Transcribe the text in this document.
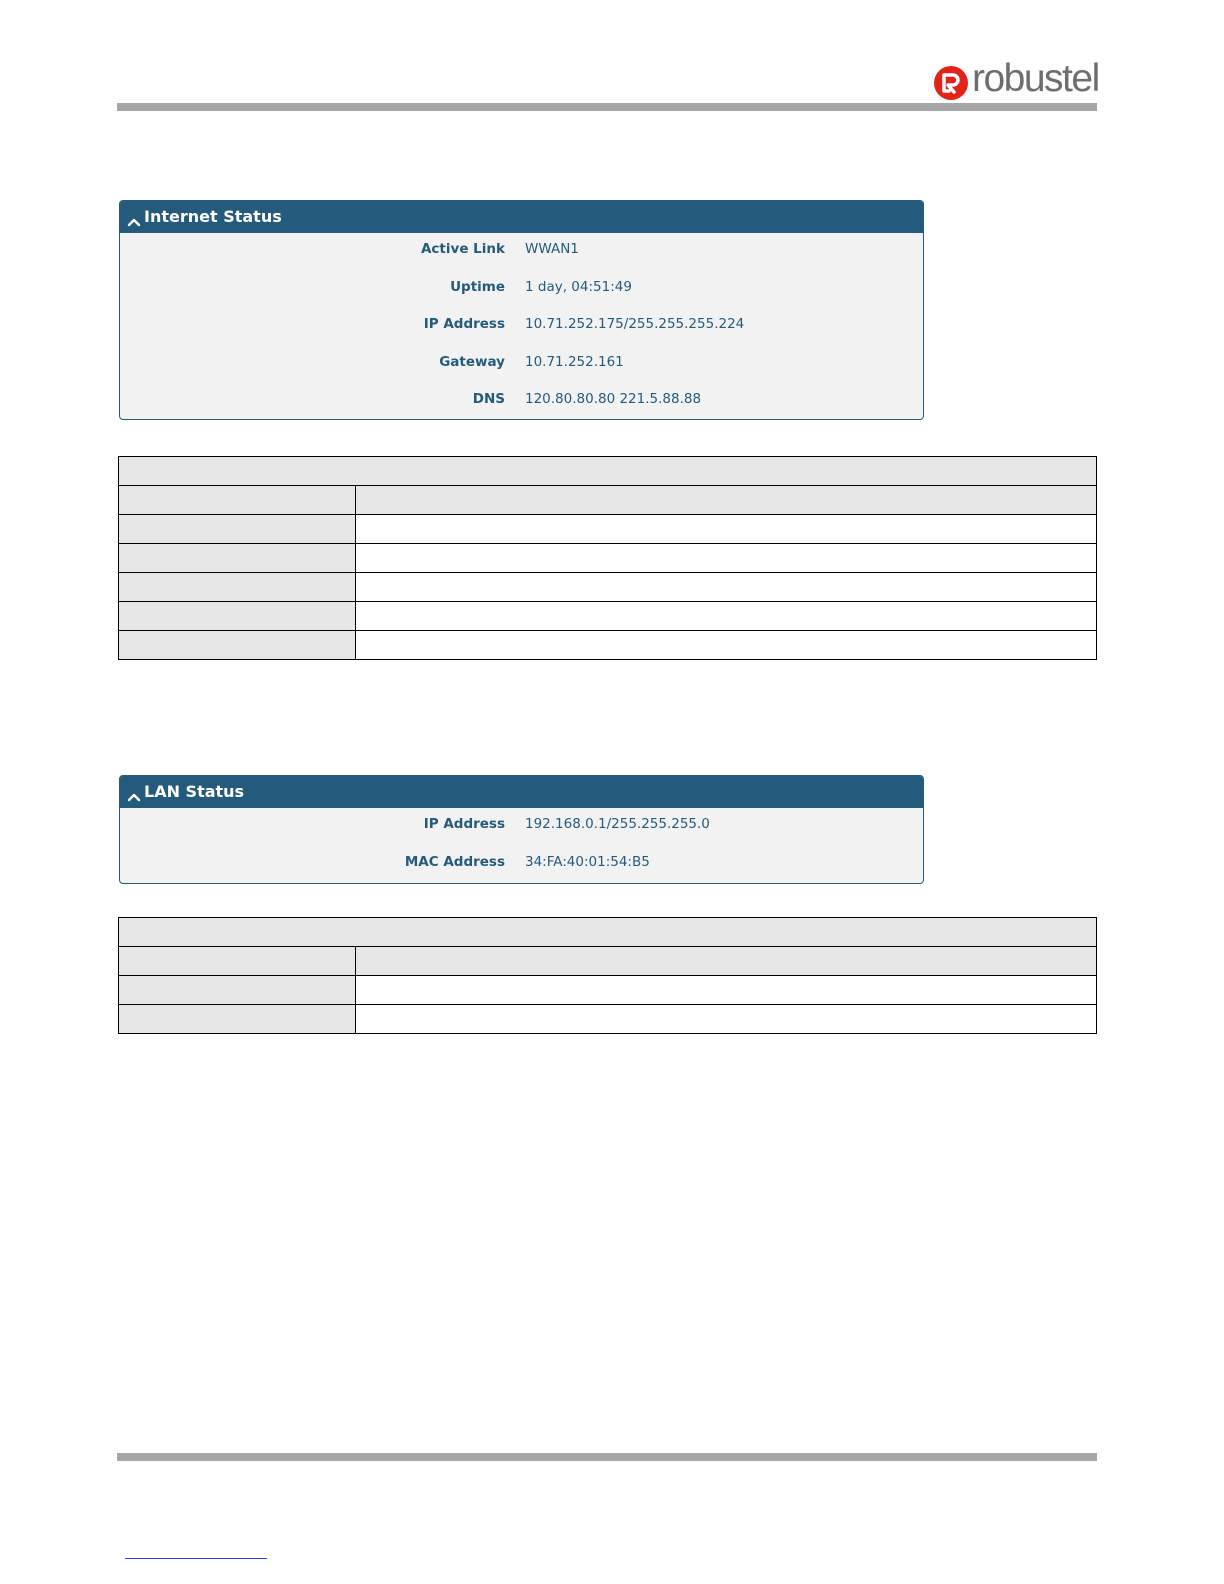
robustel
Internet Status
Active Link WWAN1
Uptime 1 day, 04:51:49
IP Address 10.71.252.175/255.255.255.224
Gateway 10.71.252.161
DNS 120.80.80.80 221.5.88.88

LAN Status
IP Address 192.168.0.1/255.255.255.0
MAC Address 34:FA:40:01:54:B5
